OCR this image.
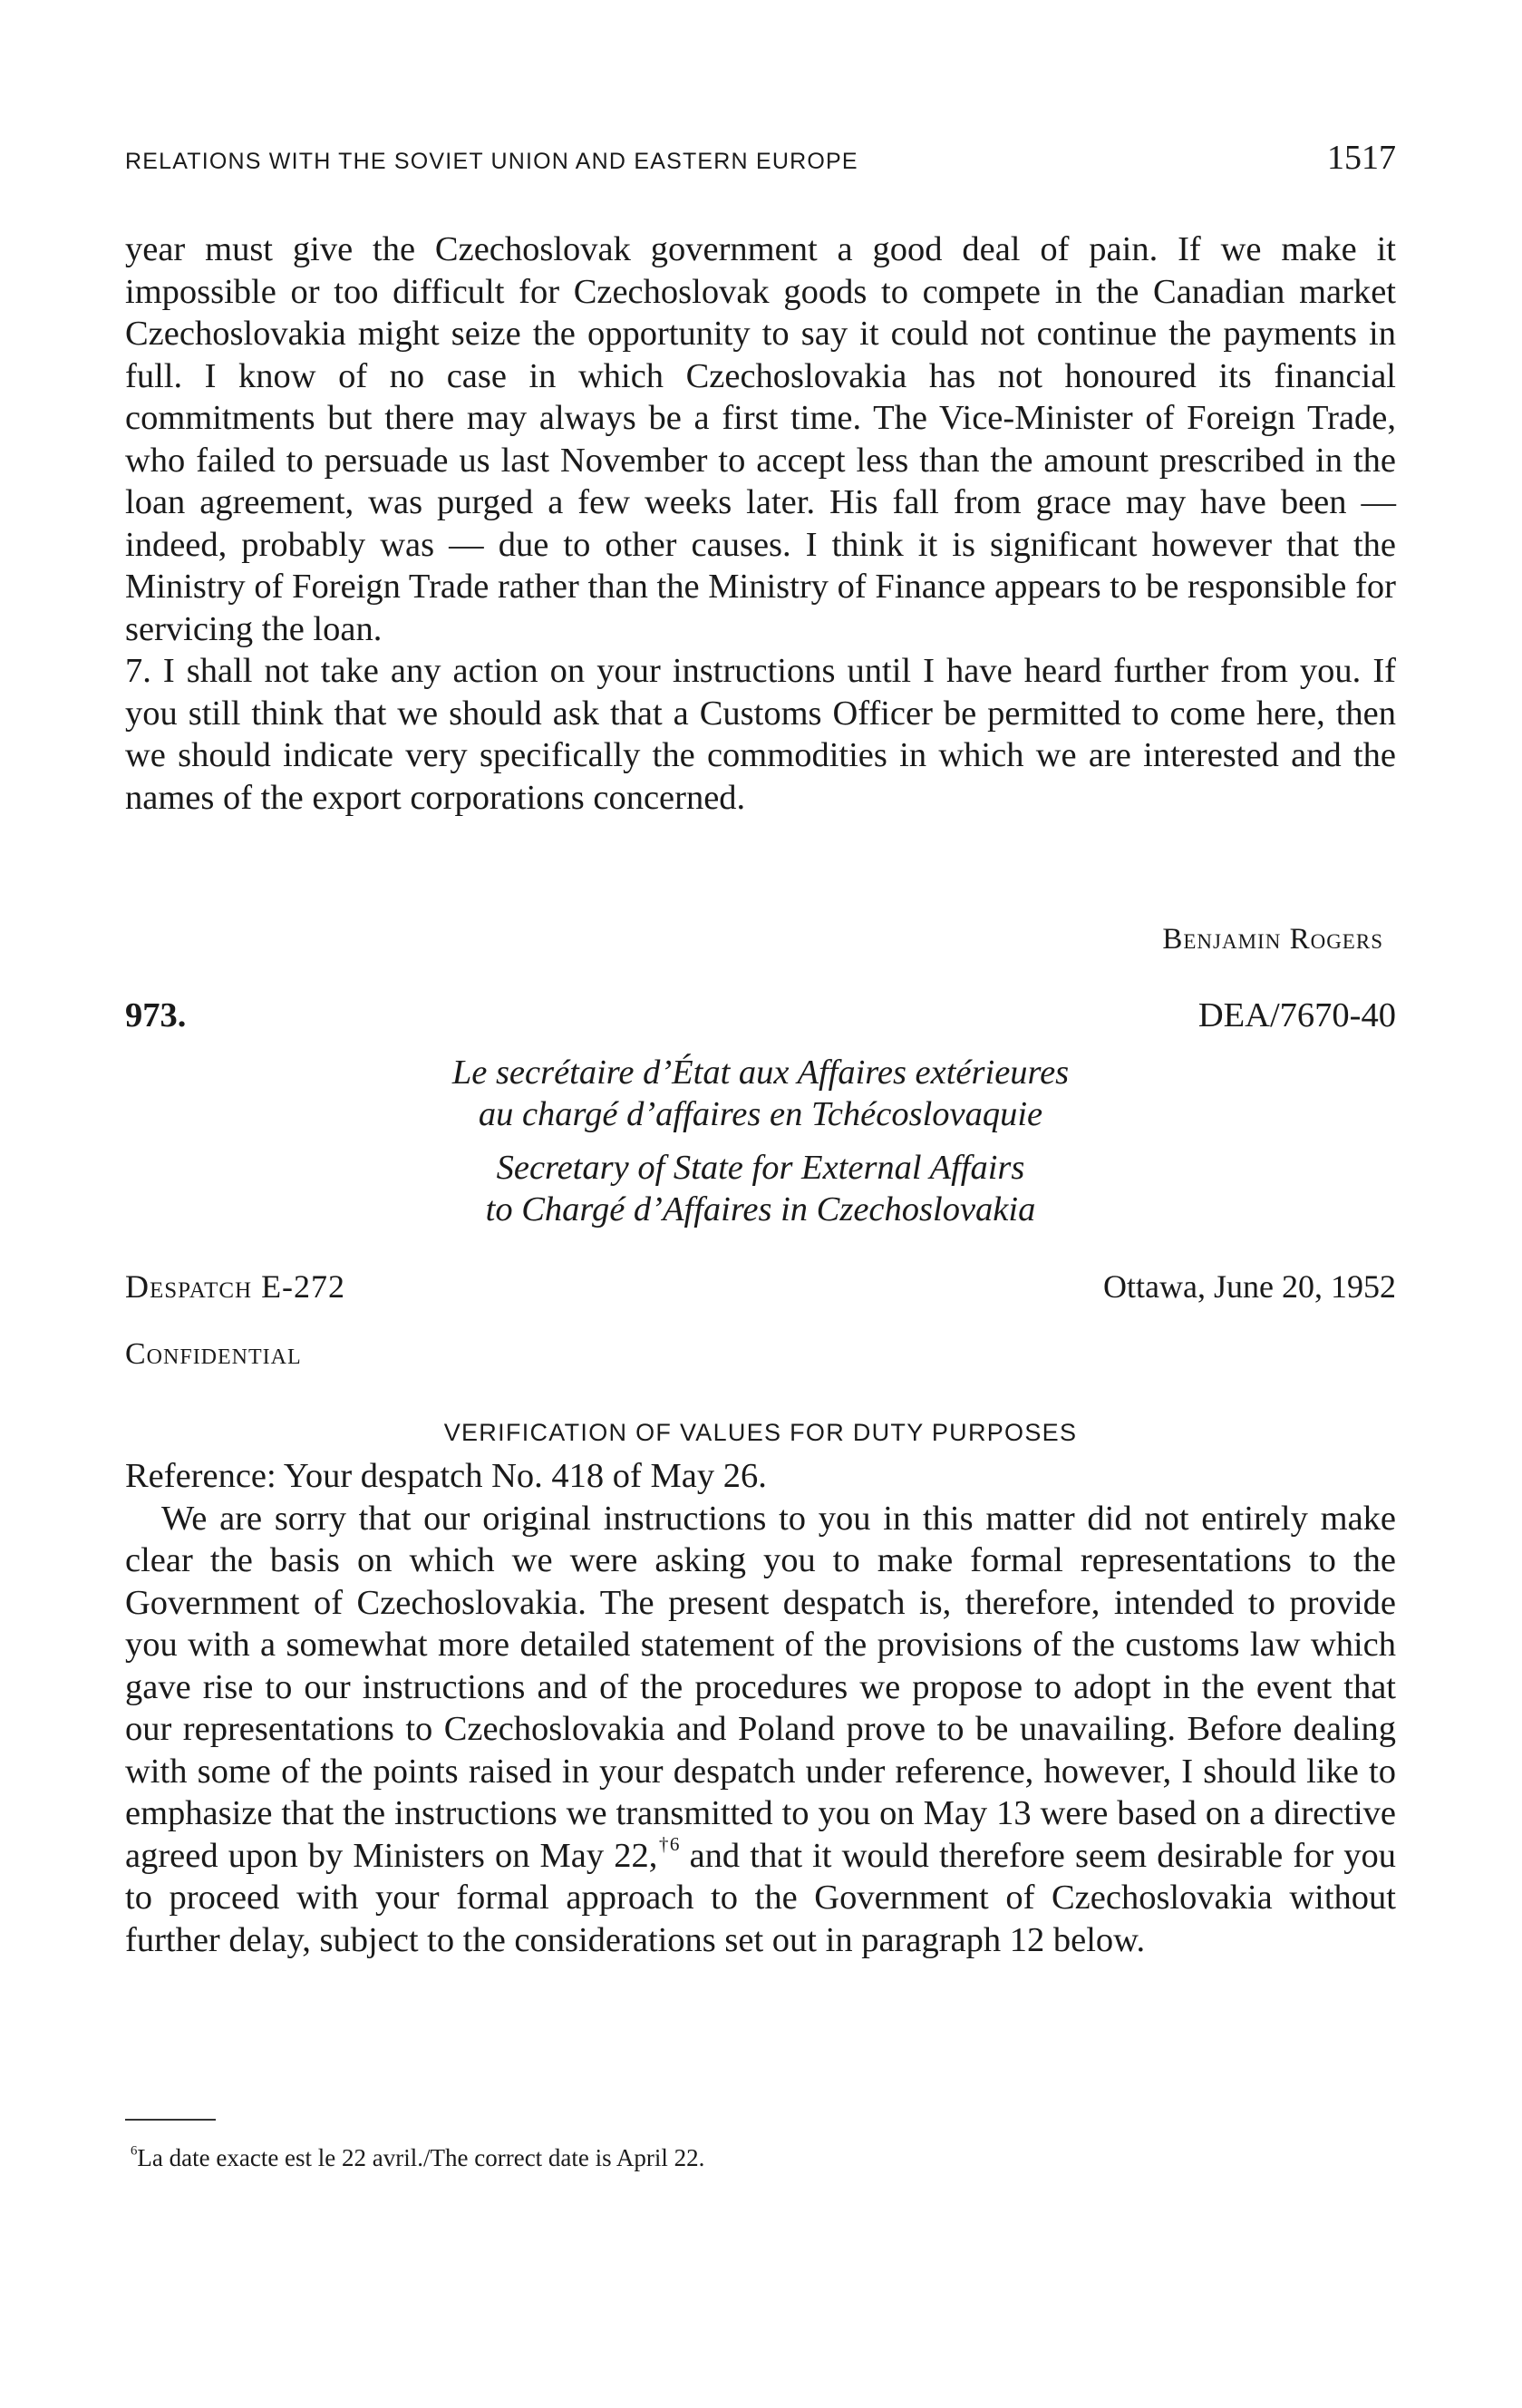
RELATIONS WITH THE SOVIET UNION AND EASTERN EUROPE	1517

year must give the Czechoslovak government a good deal of pain. If we make it impossible or too difficult for Czechoslovak goods to compete in the Canadian market Czechoslovakia might seize the opportunity to say it could not continue the payments in full. I know of no case in which Czechoslovakia has not honoured its financial commitments but there may always be a first time. The Vice-Minister of Foreign Trade, who failed to persuade us last November to accept less than the amount prescribed in the loan agreement, was purged a few weeks later. His fall from grace may have been — indeed, probably was — due to other causes. I think it is significant however that the Ministry of Foreign Trade rather than the Ministry of Finance appears to be responsible for servicing the loan.

7. I shall not take any action on your instructions until I have heard further from you. If you still think that we should ask that a Customs Officer be permitted to come here, then we should indicate very specifically the commodities in which we are interested and the names of the export corporations concerned.

Benjamin Rogers
973.	DEA/7670-40
Le secrétaire d’État aux Affaires extérieures
au chargé d’affaires en Tchécoslovaquie
Secretary of State for External Affairs
to Chargé d’Affaires in Czechoslovakia
Despatch E-272	Ottawa, June 20, 1952
Confidential
VERIFICATION OF VALUES FOR DUTY PURPOSES

Reference: Your despatch No. 418 of May 26.

We are sorry that our original instructions to you in this matter did not entirely make clear the basis on which we were asking you to make formal representations to the Government of Czechoslovakia. The present despatch is, therefore, intended to provide you with a somewhat more detailed statement of the provisions of the customs law which gave rise to our instructions and of the procedures we propose to adopt in the event that our representations to Czechoslovakia and Poland prove to be unavailing. Before dealing with some of the points raised in your despatch under reference, however, I should like to emphasize that the instructions we transmitted to you on May 13 were based on a directive agreed upon by Ministers on May 22,$^{\dagger 6}$ and that it would therefore seem desirable for you to proceed with your formal approach to the Government of Czechoslovakia without further delay, subject to the considerations set out in paragraph 12 below.

$^6$La date exacte est le 22 avril./The correct date is April 22.
